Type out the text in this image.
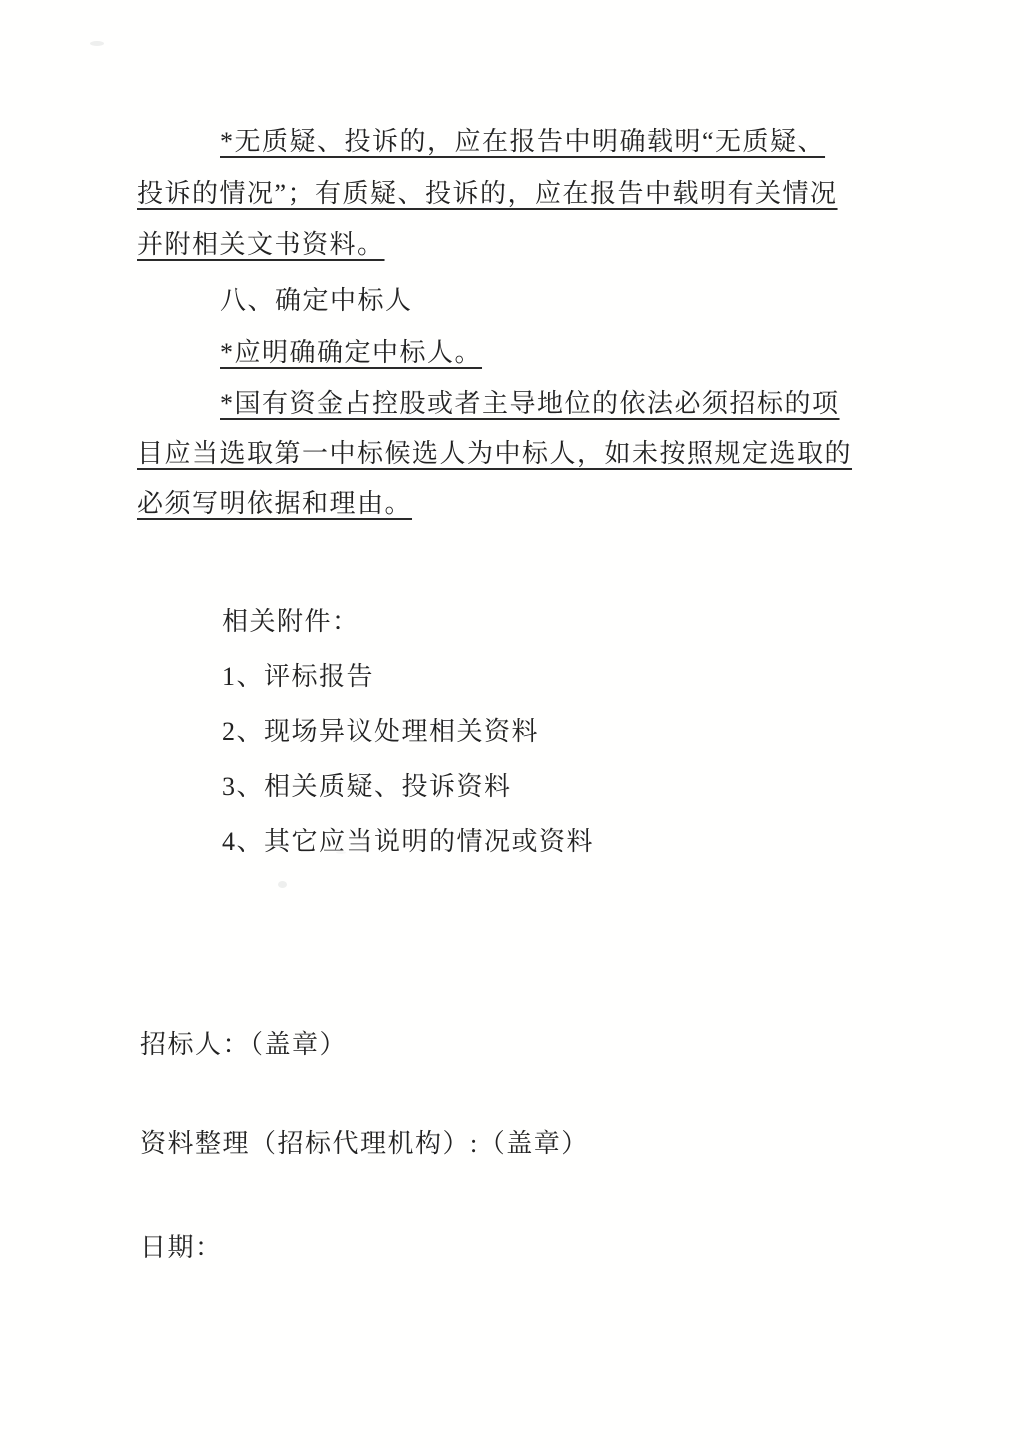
*无质疑、投诉的，应在报告中明确载明“无质疑、
投诉的情况”；有质疑、投诉的，应在报告中载明有关情况
并附相关文书资料。
八、确定中标人
*应明确确定中标人。
*国有资金占控股或者主导地位的依法必须招标的项
目应当选取第一中标候选人为中标人，如未按照规定选取的
必须写明依据和理由。
相关附件：
1、评标报告
2、现场异议处理相关资料
3、相关质疑、投诉资料
4、其它应当说明的情况或资料
招标人：（盖章）
资料整理（招标代理机构）:（盖章）
日期：
